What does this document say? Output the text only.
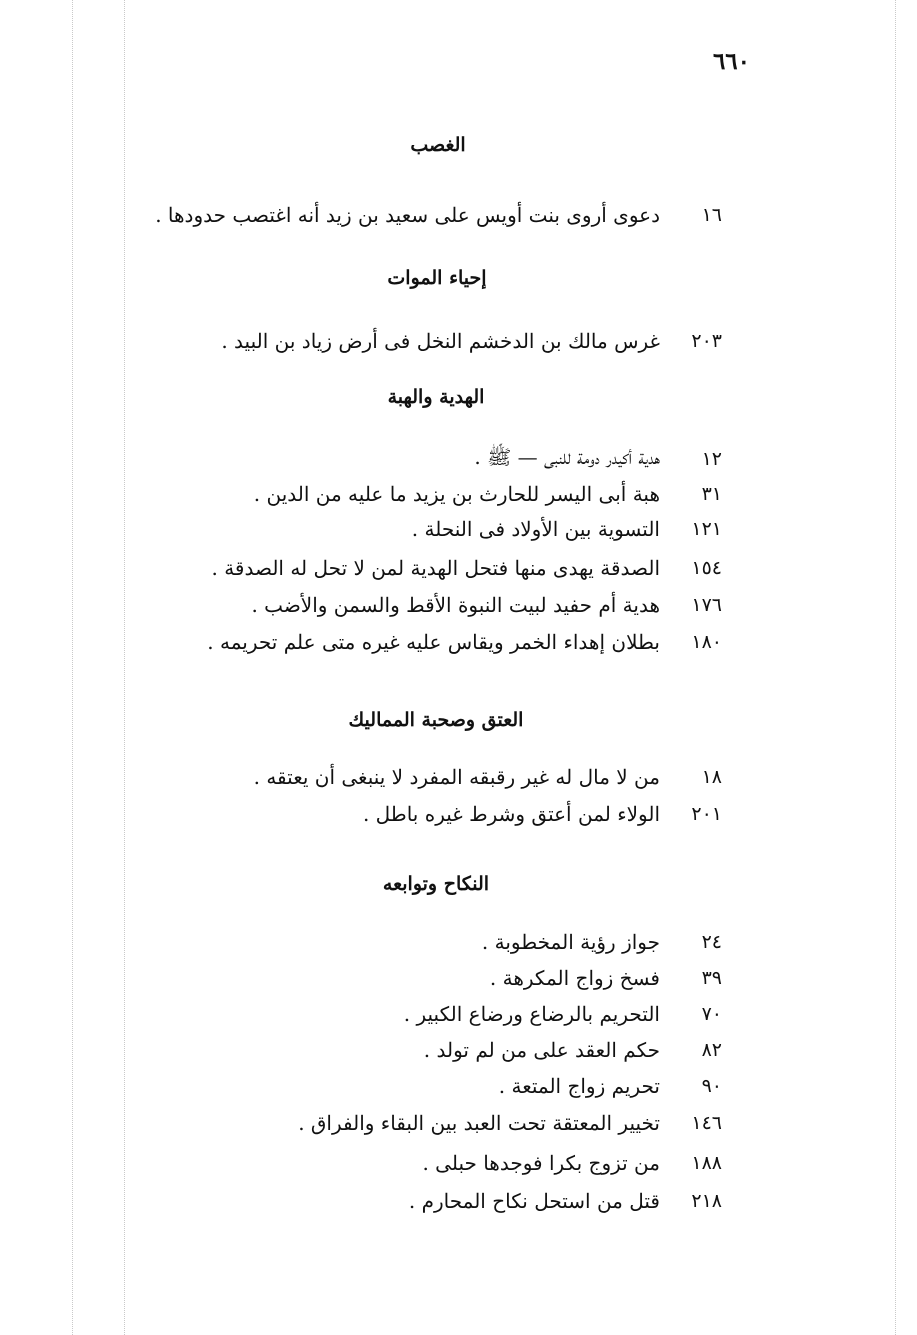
٦٦٠
الغصب
١٦
دعوى أروى بنت أويس على سعيد بن زيد أنه اغتصب حدودها .
إحياء الموات
٢٠٣
غرس مالك بن الدخشم النخل فى أرض زياد بن البيد .
الهدية والهبة
١٢
هدية أكيدر دومة للنبى — ﷺ .
٣١
هبة أبى اليسر للحارث بن يزيد ما عليه من الدين .
١٢١
التسوية بين الأولاد فى النحلة .
١٥٤
الصدقة يهدى منها فتحل الهدية لمن لا تحل له الصدقة .
١٧٦
هدية أم حفيد لبيت النبوة الأقط والسمن والأضب .
١٨٠
بطلان إهداء الخمر ويقاس عليه غيره متى علم تحريمه .
العتق وصحبة المماليك
١٨
من لا مال له غير رقبقه المفرد لا ينبغى أن يعتقه .
٢٠١
الولاء لمن أعتق وشرط غيره باطل .
النكاح وتوابعه
٢٤
جواز رؤية المخطوبة .
٣٩
فسخ زواج المكرهة .
٧٠
التحريم بالرضاع ورضاع الكبير .
٨٢
حكم العقد على من لم تولد .
٩٠
تحريم زواج المتعة .
١٤٦
تخيير المعتقة تحت العبد بين البقاء والفراق .
١٨٨
من تزوج بكرا فوجدها حبلى .
٢١٨
قتل من استحل نكاح المحارم .
